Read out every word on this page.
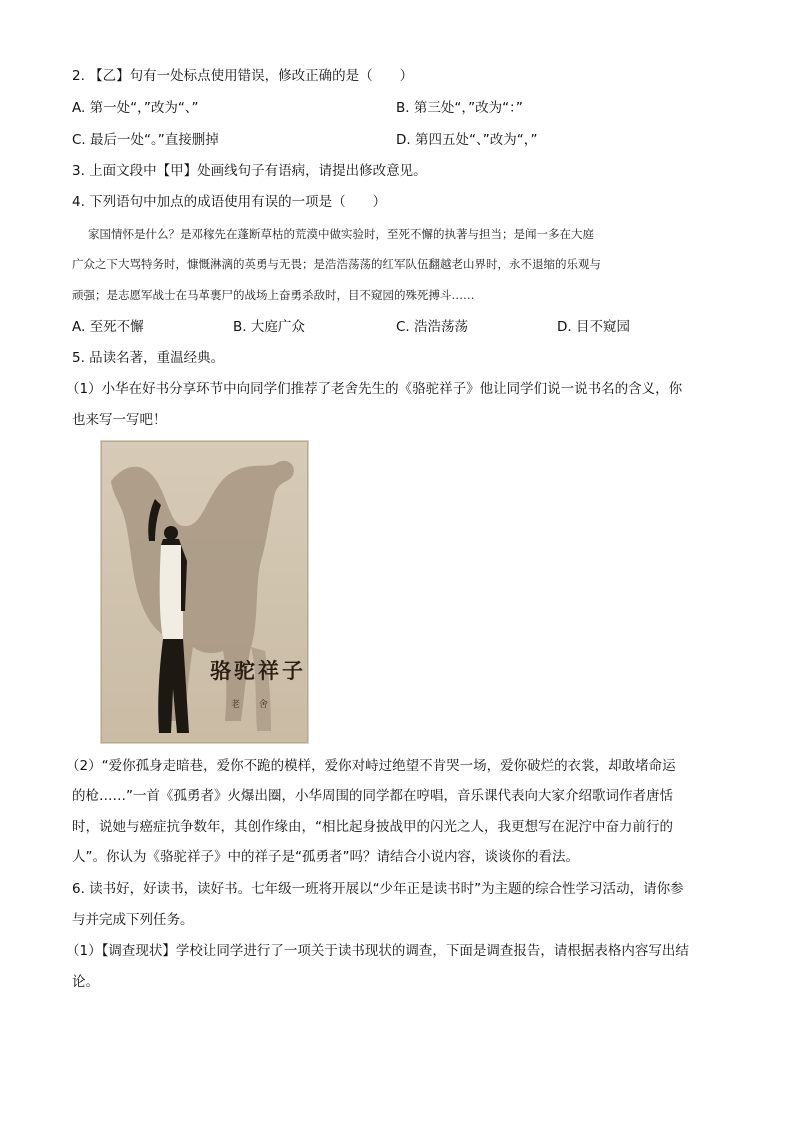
2. 【乙】句有一处标点使用错误，修改正确的是（　　）
A. 第一处“，”改为“、”	B. 第三处“，”改为“：”
C. 最后一处“。”直接删掉	D. 第四五处“、”改为“，”
3. 上面文段中【甲】处画线句子有语病，请提出修改意见。
4. 下列语句中加点的成语使用有误的一项是（　　）
家国情怀是什么？是邓稼先在蓬断草枯的荒漠中做实验时，至死不懈的执著与担当；是闻一多在大庭
广众之下大骂特务时，慷慨淋漓的英勇与无畏；是浩浩荡荡的红军队伍翻越老山界时，永不退缩的乐观与
顽强；是志愿军战士在马革裹尸的战场上奋勇杀敌时，目不窥园的殊死搏斗……
A. 至死不懈	B. 大庭广众	C. 浩浩荡荡	D. 目不窥园
5. 品读名著，重温经典。
（1）小华在好书分享环节中向同学们推荐了老舍先生的《骆驼祥子》他让同学们说一说书名的含义，你
也来写一写吧！
骆驼祥子
老 舍
（2）“爱你孤身走暗巷，爱你不跪的模样，爱你对峙过绝望不肯哭一场，爱你破烂的衣裳，却敢堵命运
的枪……”一首《孤勇者》火爆出圈，小华周围的同学都在哼唱，音乐课代表向大家介绍歌词作者唐恬
时，说她与癌症抗争数年，其创作缘由，“相比起身披战甲的闪光之人，我更想写在泥泞中奋力前行的
人”。你认为《骆驼祥子》中的祥子是“孤勇者”吗？请结合小说内容，谈谈你的看法。
6. 读书好，好读书，读好书。七年级一班将开展以“少年正是读书时”为主题的综合性学习活动，请你参
与并完成下列任务。
（1）【调查现状】学校让同学进行了一项关于读书现状的调查，下面是调查报告，请根据表格内容写出结
论。
